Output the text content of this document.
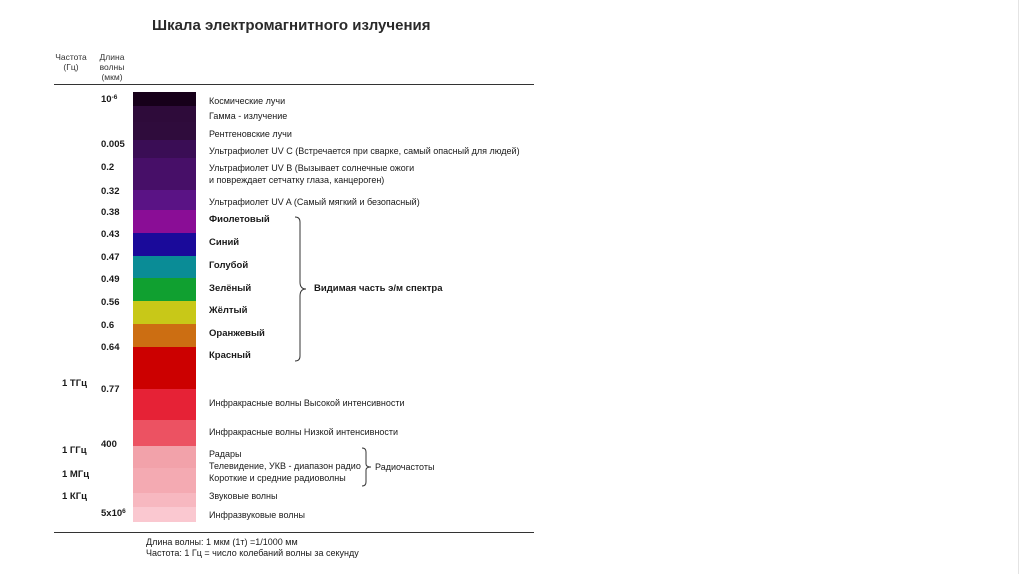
Шкала электромагнитного излучения
Частота (Гц)
Длина волны (мкм)
$10^{-6}$
0.005
0.2
0.32
0.38
0.43
0.47
0.49
0.56
0.6
0.64
0.77
400
$5x10^6$
1 ТГц
1 ГГц
1 МГц
1 КГц
Космические лучи
Гамма - излучение
Рентгеновские лучи
Ультрафиолет UV C (Встречается при сварке, самый опасный для людей)
Ультрафиолет UV B (Вызывает солнечные ожоги
и повреждает сетчатку глаза, канцероген)
Ультрафиолет UV A (Самый мягкий и безопасный)
Фиолетовый
Синий
Голубой
Зелёный
Жёлтый
Оранжевый
Красный
Инфракрасные волны Высокой интенсивности
Инфракрасные волны Низкой интенсивности
Радары
Телевидение, УКВ - диапазон радио
Короткие и средние радиоволны
Звуковые волны
Инфразвуковые волны
Видимая часть э/м спектра
Радиочастоты
Длина волны: 1 мкм (1т) =1/1000 мм
Частота: 1 Гц = число колебаний волны за секунду
